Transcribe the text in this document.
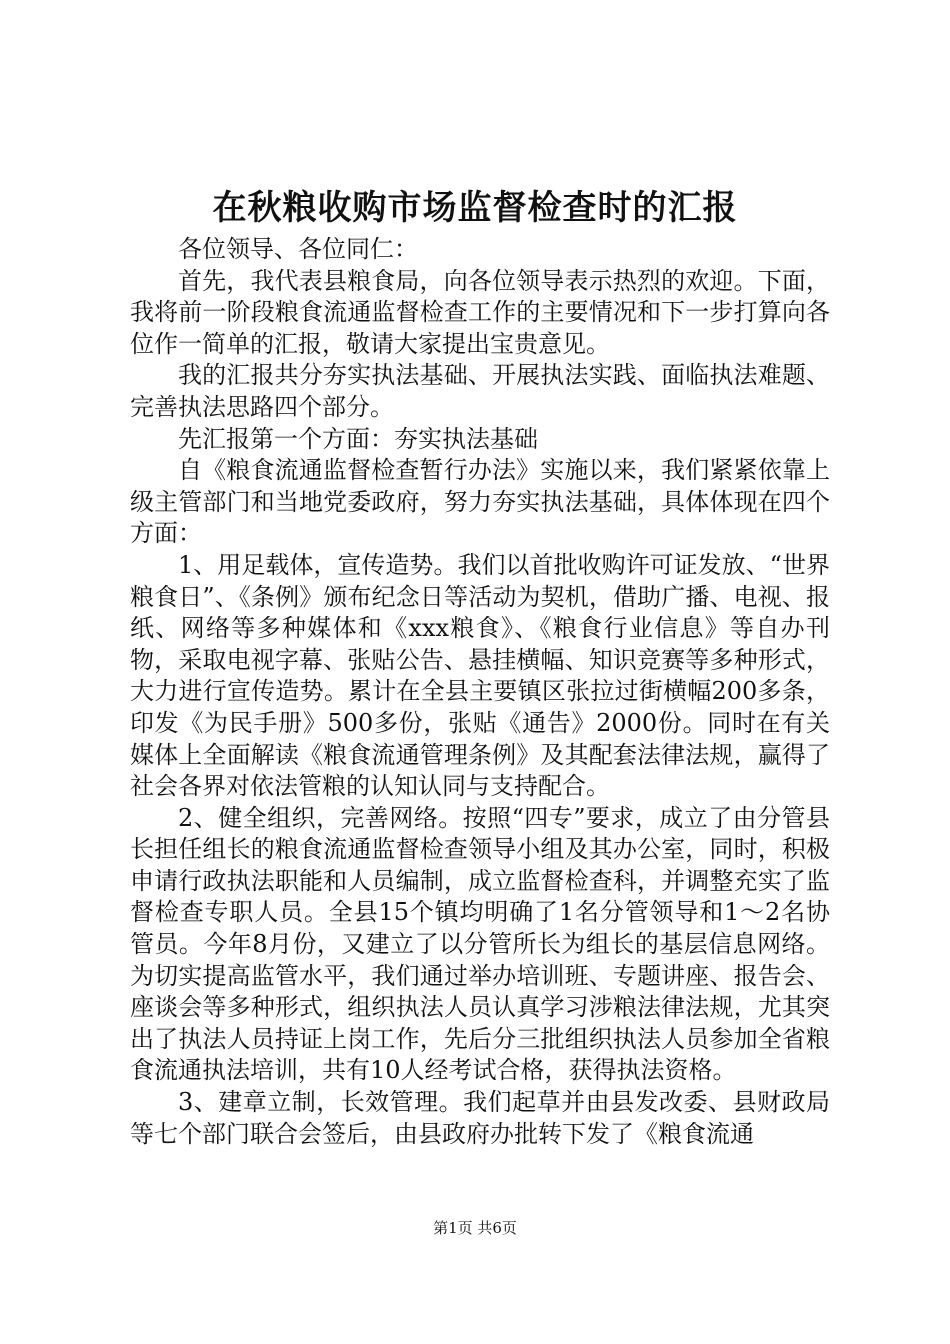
在秋粮收购市场监督检查时的汇报

各位领导、各位同仁：

首先，我代表县粮食局，向各位领导表示热烈的欢迎。下面，我将前一阶段粮食流通监督检查工作的主要情况和下一步打算向各位作一简单的汇报，敬请大家提出宝贵意见。

我的汇报共分夯实执法基础、开展执法实践、面临执法难题、完善执法思路四个部分。

先汇报第一个方面：夯实执法基础

自《粮食流通监督检查暂行办法》实施以来，我们紧紧依靠上级主管部门和当地党委政府，努力夯实执法基础，具体体现在四个方面：

1、用足载体，宣传造势。我们以首批收购许可证发放、“世界粮食日”、《条例》颁布纪念日等活动为契机，借助广播、电视、报纸、网络等多种媒体和《xxx粮食》、《粮食行业信息》等自办刊物，采取电视字幕、张贴公告、悬挂横幅、知识竞赛等多种形式，大力进行宣传造势。累计在全县主要镇区张拉过街横幅200多条，印发《为民手册》500多份，张贴《通告》2000份。同时在有关媒体上全面解读《粮食流通管理条例》及其配套法律法规，赢得了社会各界对依法管粮的认知认同与支持配合。

2、健全组织，完善网络。按照“四专”要求，成立了由分管县长担任组长的粮食流通监督检查领导小组及其办公室，同时，积极申请行政执法职能和人员编制，成立监督检查科，并调整充实了监督检查专职人员。全县15个镇均明确了1名分管领导和1～2名协管员。今年8月份，又建立了以分管所长为组长的基层信息网络。为切实提高监管水平，我们通过举办培训班、专题讲座、报告会、座谈会等多种形式，组织执法人员认真学习涉粮法律法规，尤其突出了执法人员持证上岗工作，先后分三批组织执法人员参加全省粮食流通执法培训，共有10人经考试合格，获得执法资格。

3、建章立制，长效管理。我们起草并由县发改委、县财政局等七个部门联合会签后，由县政府办批转下发了《粮食流通

第1页 共6页
